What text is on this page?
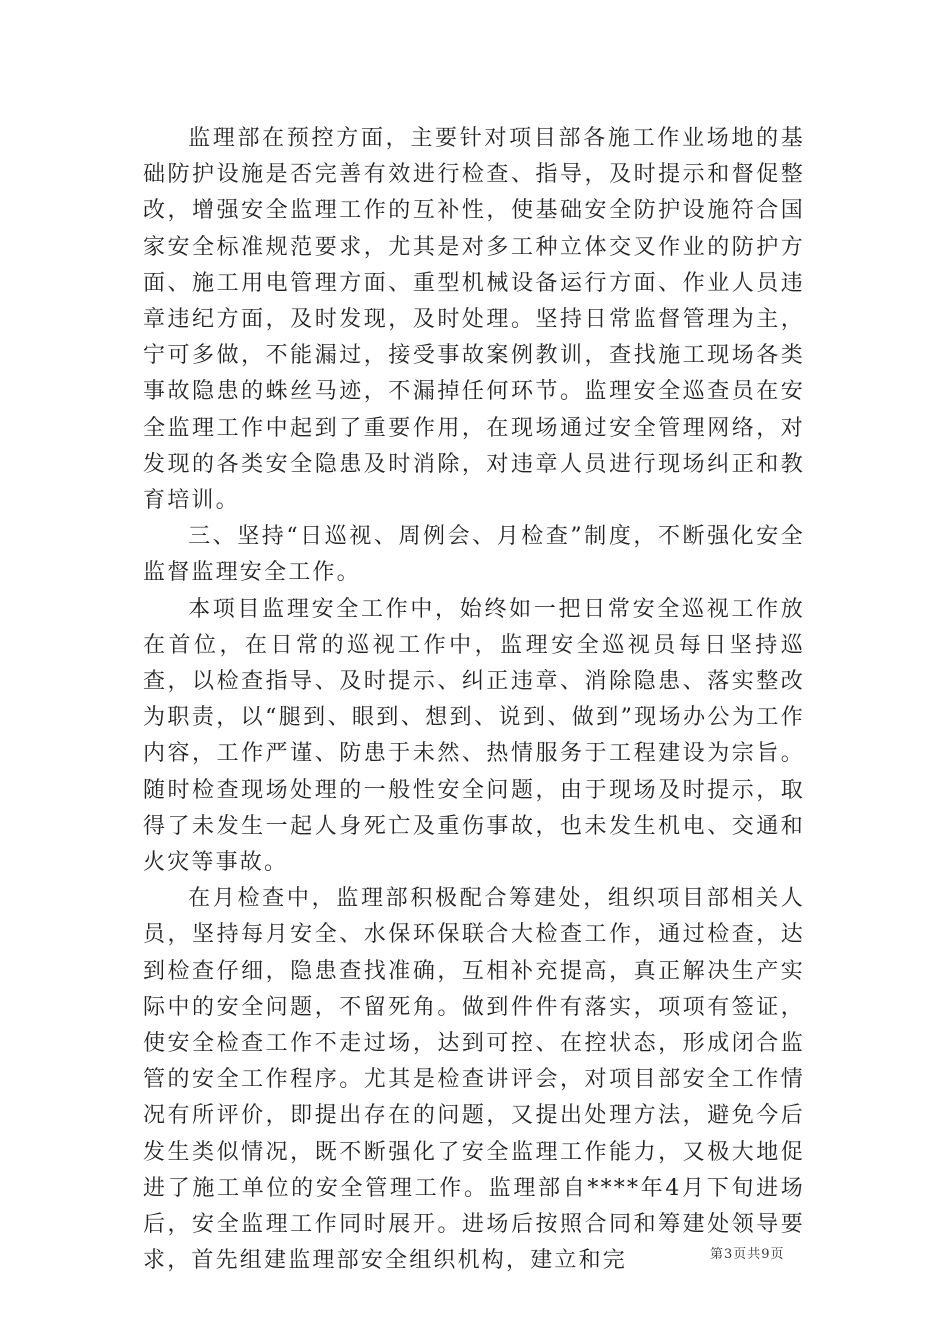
监理部在预控方面，主要针对项目部各施工作业场地的基础防护设施是否完善有效进行检查、指导，及时提示和督促整改，增强安全监理工作的互补性，使基础安全防护设施符合国家安全标准规范要求，尤其是对多工种立体交叉作业的防护方面、施工用电管理方面、重型机械设备运行方面、作业人员违章违纪方面，及时发现，及时处理。坚持日常监督管理为主，宁可多做，不能漏过，接受事故案例教训，查找施工现场各类事故隐患的蛛丝马迹，不漏掉任何环节。监理安全巡查员在安全监理工作中起到了重要作用，在现场通过安全管理网络，对发现的各类安全隐患及时消除，对违章人员进行现场纠正和教育培训。

三、坚持“日巡视、周例会、月检查”制度，不断强化安全监督监理安全工作。

本项目监理安全工作中，始终如一把日常安全巡视工作放在首位，在日常的巡视工作中，监理安全巡视员每日坚持巡查，以检查指导、及时提示、纠正违章、消除隐患、落实整改为职责，以“腿到、眼到、想到、说到、做到”现场办公为工作内容，工作严谨、防患于未然、热情服务于工程建设为宗旨。随时检查现场处理的一般性安全问题，由于现场及时提示，取得了未发生一起人身死亡及重伤事故，也未发生机电、交通和火灾等事故。

在月检查中，监理部积极配合筹建处，组织项目部相关人员，坚持每月安全、水保环保联合大检查工作，通过检查，达到检查仔细，隐患查找准确，互相补充提高，真正解决生产实际中的安全问题，不留死角。做到件件有落实，项项有签证，使安全检查工作不走过场，达到可控、在控状态，形成闭合监管的安全工作程序。尤其是检查讲评会，对项目部安全工作情况有所评价，即提出存在的问题，又提出处理方法，避免今后发生类似情况，既不断强化了安全监理工作能力，又极大地促进了施工单位的安全管理工作。监理部自****年4月下旬进场后，安全监理工作同时展开。进场后按照合同和筹建处领导要求，首先组建监理部安全组织机构，建立和完	第3页共9页
